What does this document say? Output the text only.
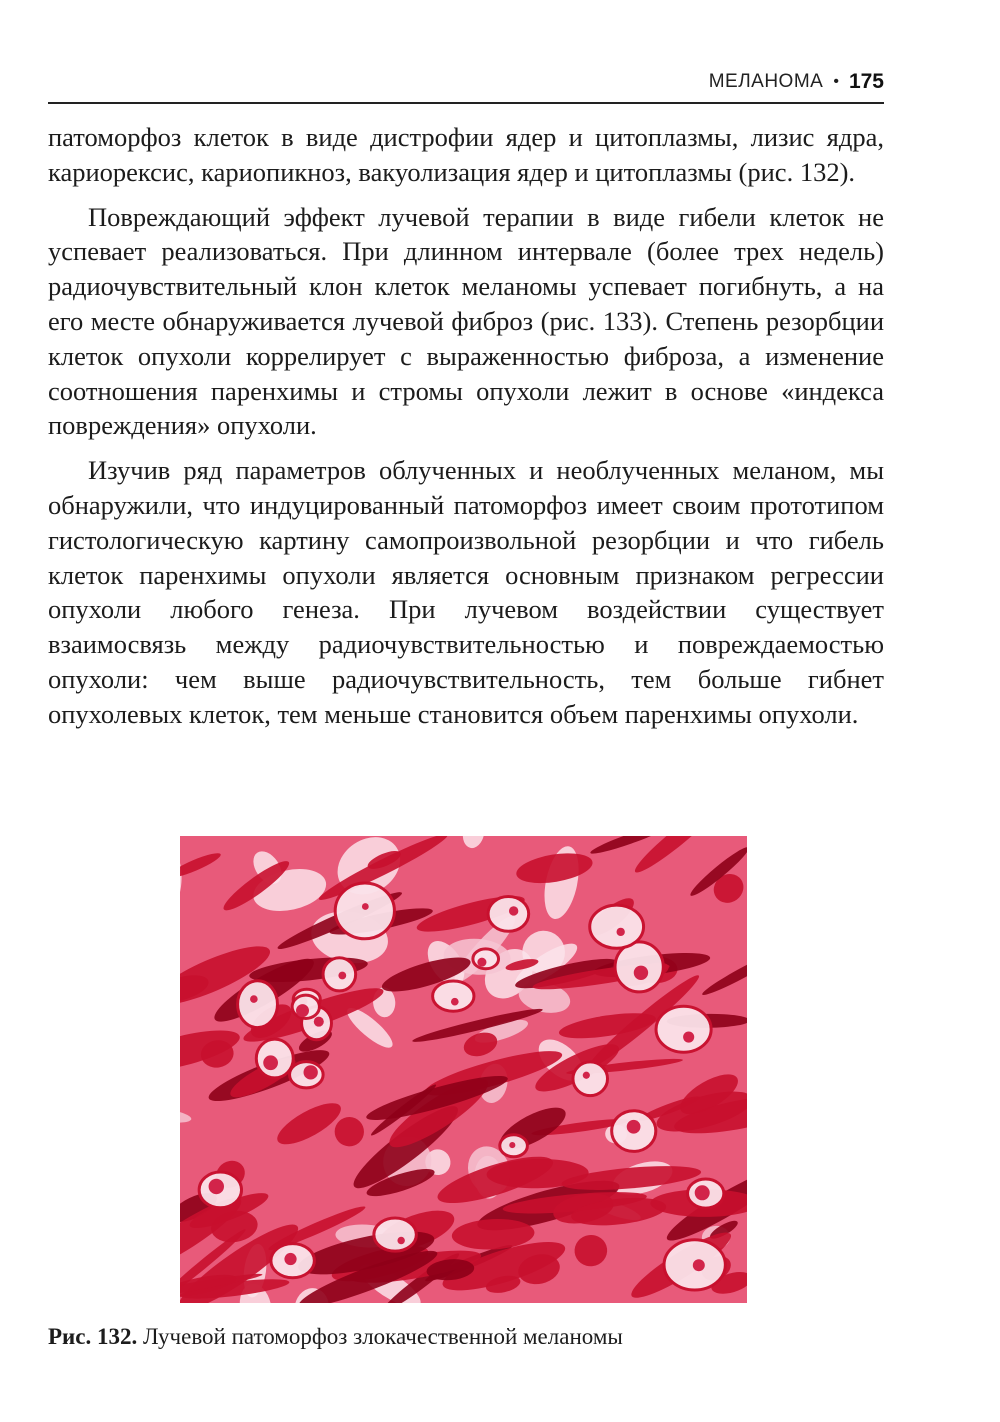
МЕЛАНОМА • 175

патоморфоз клеток в виде дистрофии ядер и цитоплазмы, лизис ядра, кариорексис, кариопикноз, вакуолизация ядер и цитоплазмы (рис. 132).

Повреждающий эффект лучевой терапии в виде гибели клеток не успевает реализоваться. При длинном интервале (более трех недель) радиочувствительный клон клеток меланомы успевает погибнуть, а на его месте обнаруживается лучевой фиброз (рис. 133). Степень резорбции клеток опухоли коррелирует с выраженностью фиброза, а изменение соотношения паренхимы и стромы опухоли лежит в основе «индекса повреждения» опухоли.

Изучив ряд параметров облученных и необлученных меланом, мы обнаружили, что индуцированный патоморфоз имеет своим прототипом гистологическую картину самопроизвольной резорбции и что гибель клеток паренхимы опухоли является основным признаком регрессии опухоли любого генеза. При лучевом воздействии существует взаимосвязь между радиочувствительностью и повреждаемостью опухоли: чем выше радиочувствительность, тем больше гибнет опухолевых клеток, тем меньше становится объем паренхимы опухоли.

Рис. 132. Лучевой патоморфоз злокачественной меланомы
